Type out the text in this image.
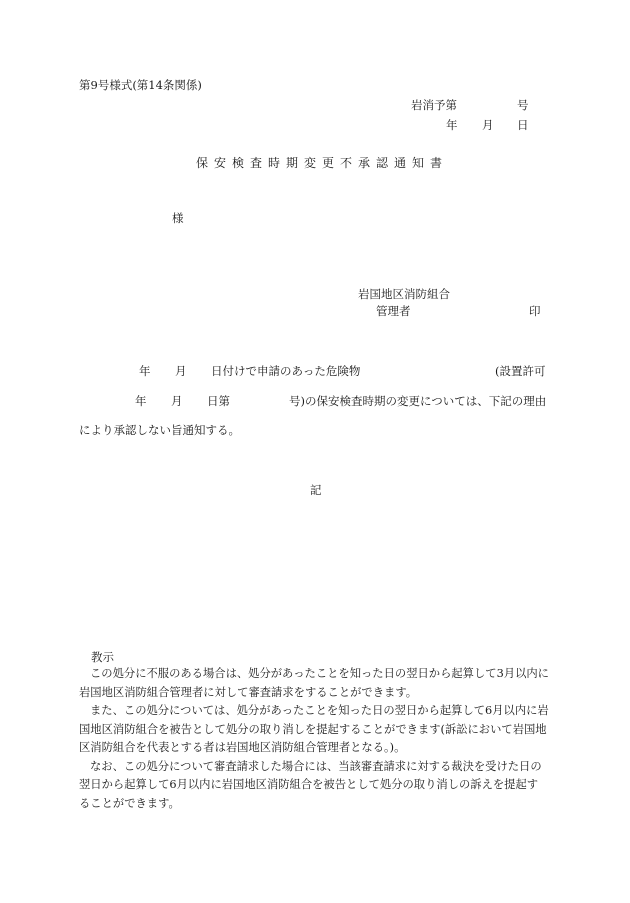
第9号様式(第14条関係)
岩消予第	号
年 月 日
保安検査時期変更不承認通知書
様
岩国地区消防組合
管理者	印
年 月 日付けで申請のあった危険物	(設置許可
年 月 日第	号)の保安検査時期の変更については、下記の理由
により承認しない旨通知する。
記
教示

この処分に不服のある場合は、処分があったことを知った日の翌日から起算して3月以内に岩国地区消防組合管理者に対して審査請求をすることができます。

また、この処分については、処分があったことを知った日の翌日から起算して6月以内に岩国地区消防組合を被告として処分の取り消しを提起することができます(訴訟において岩国地区消防組合を代表とする者は岩国地区消防組合管理者となる。)。

なお、この処分について審査請求した場合には、当該審査請求に対する裁決を受けた日の翌日から起算して6月以内に岩国地区消防組合を被告として処分の取り消しの訴えを提起することができます。
